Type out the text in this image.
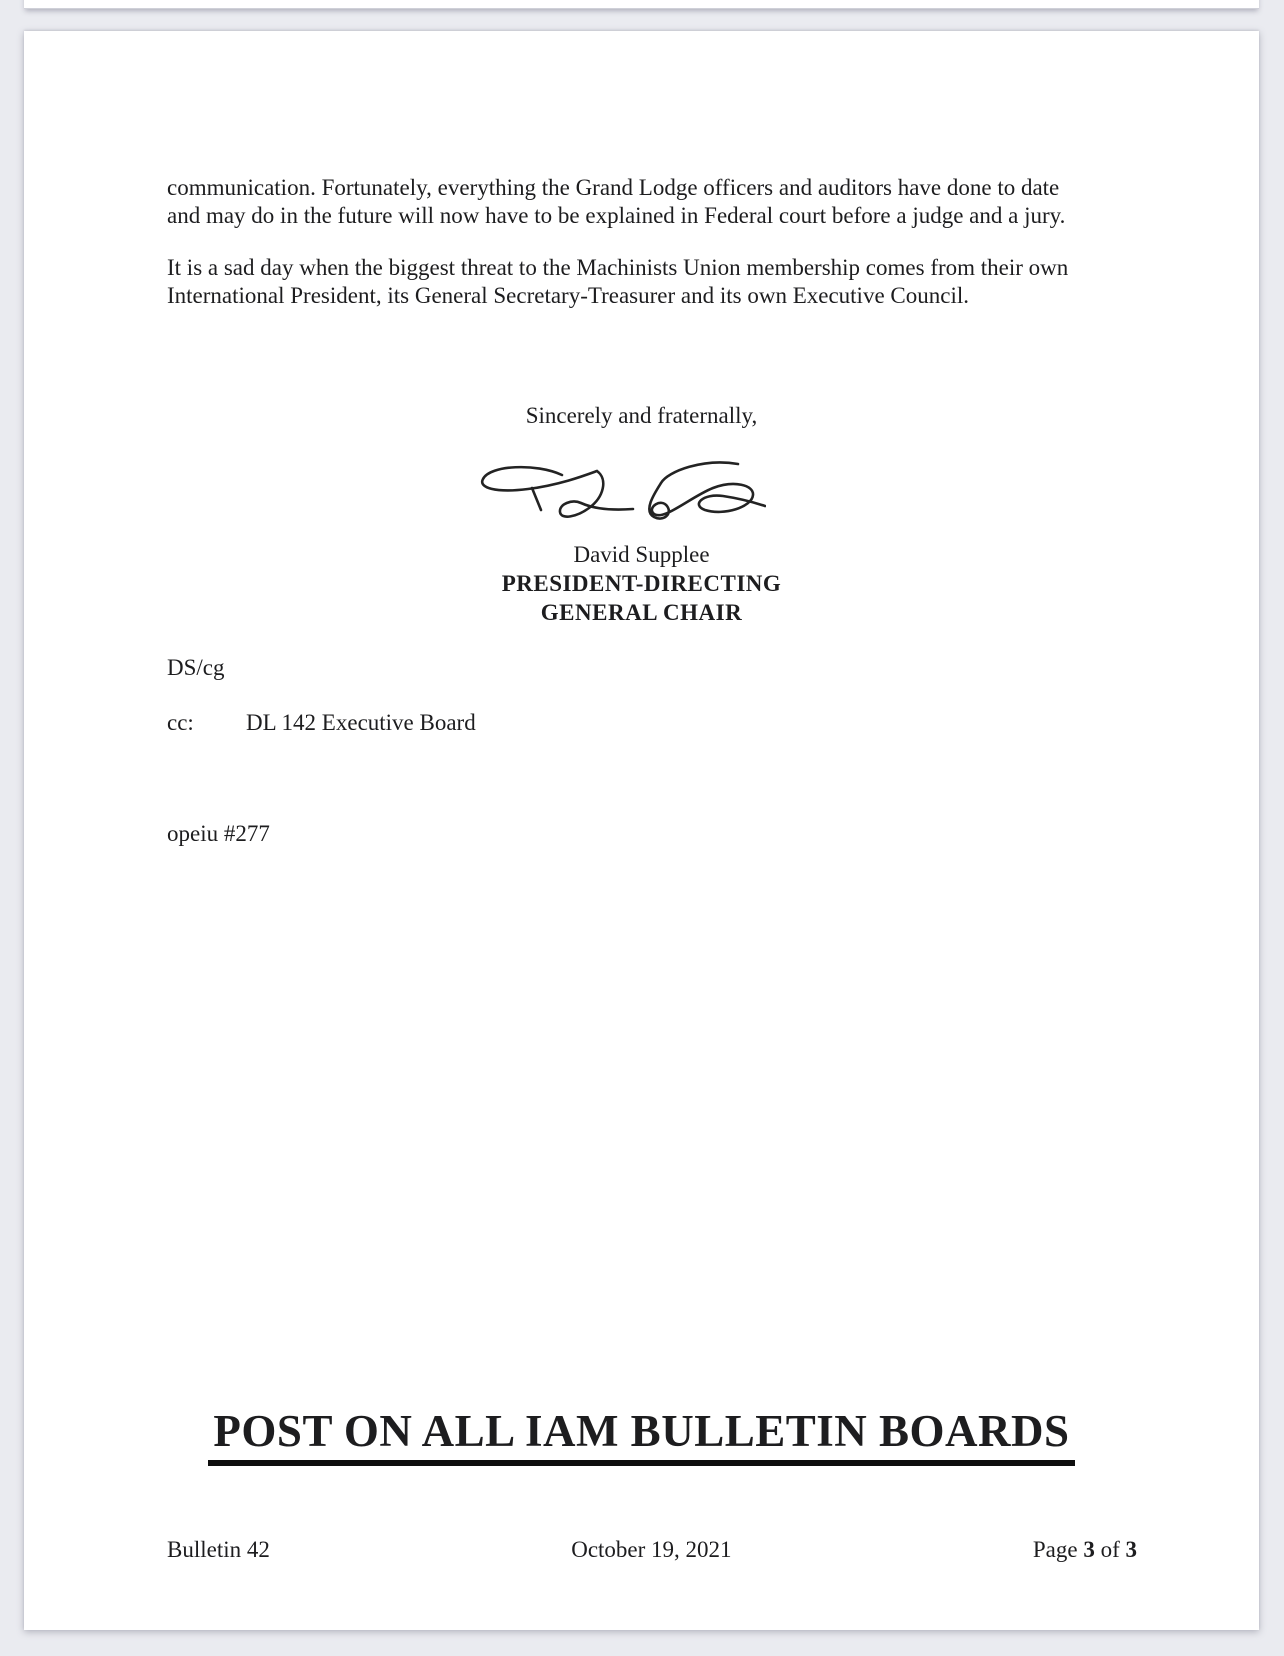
communication. Fortunately, everything the Grand Lodge officers and auditors have done to date
and may do in the future will now have to be explained in Federal court before a judge and a jury.
It is a sad day when the biggest threat to the Machinists Union membership comes from their own
International President, its General Secretary-Treasurer and its own Executive Council.
Sincerely and fraternally,
David Supplee
PRESIDENT-DIRECTING
GENERAL CHAIR
DS/cg
cc:	DL 142 Executive Board
opeiu #277
POST ON ALL IAM BULLETIN BOARDS
Bulletin 42	October 19, 2021	Page 3 of 3
